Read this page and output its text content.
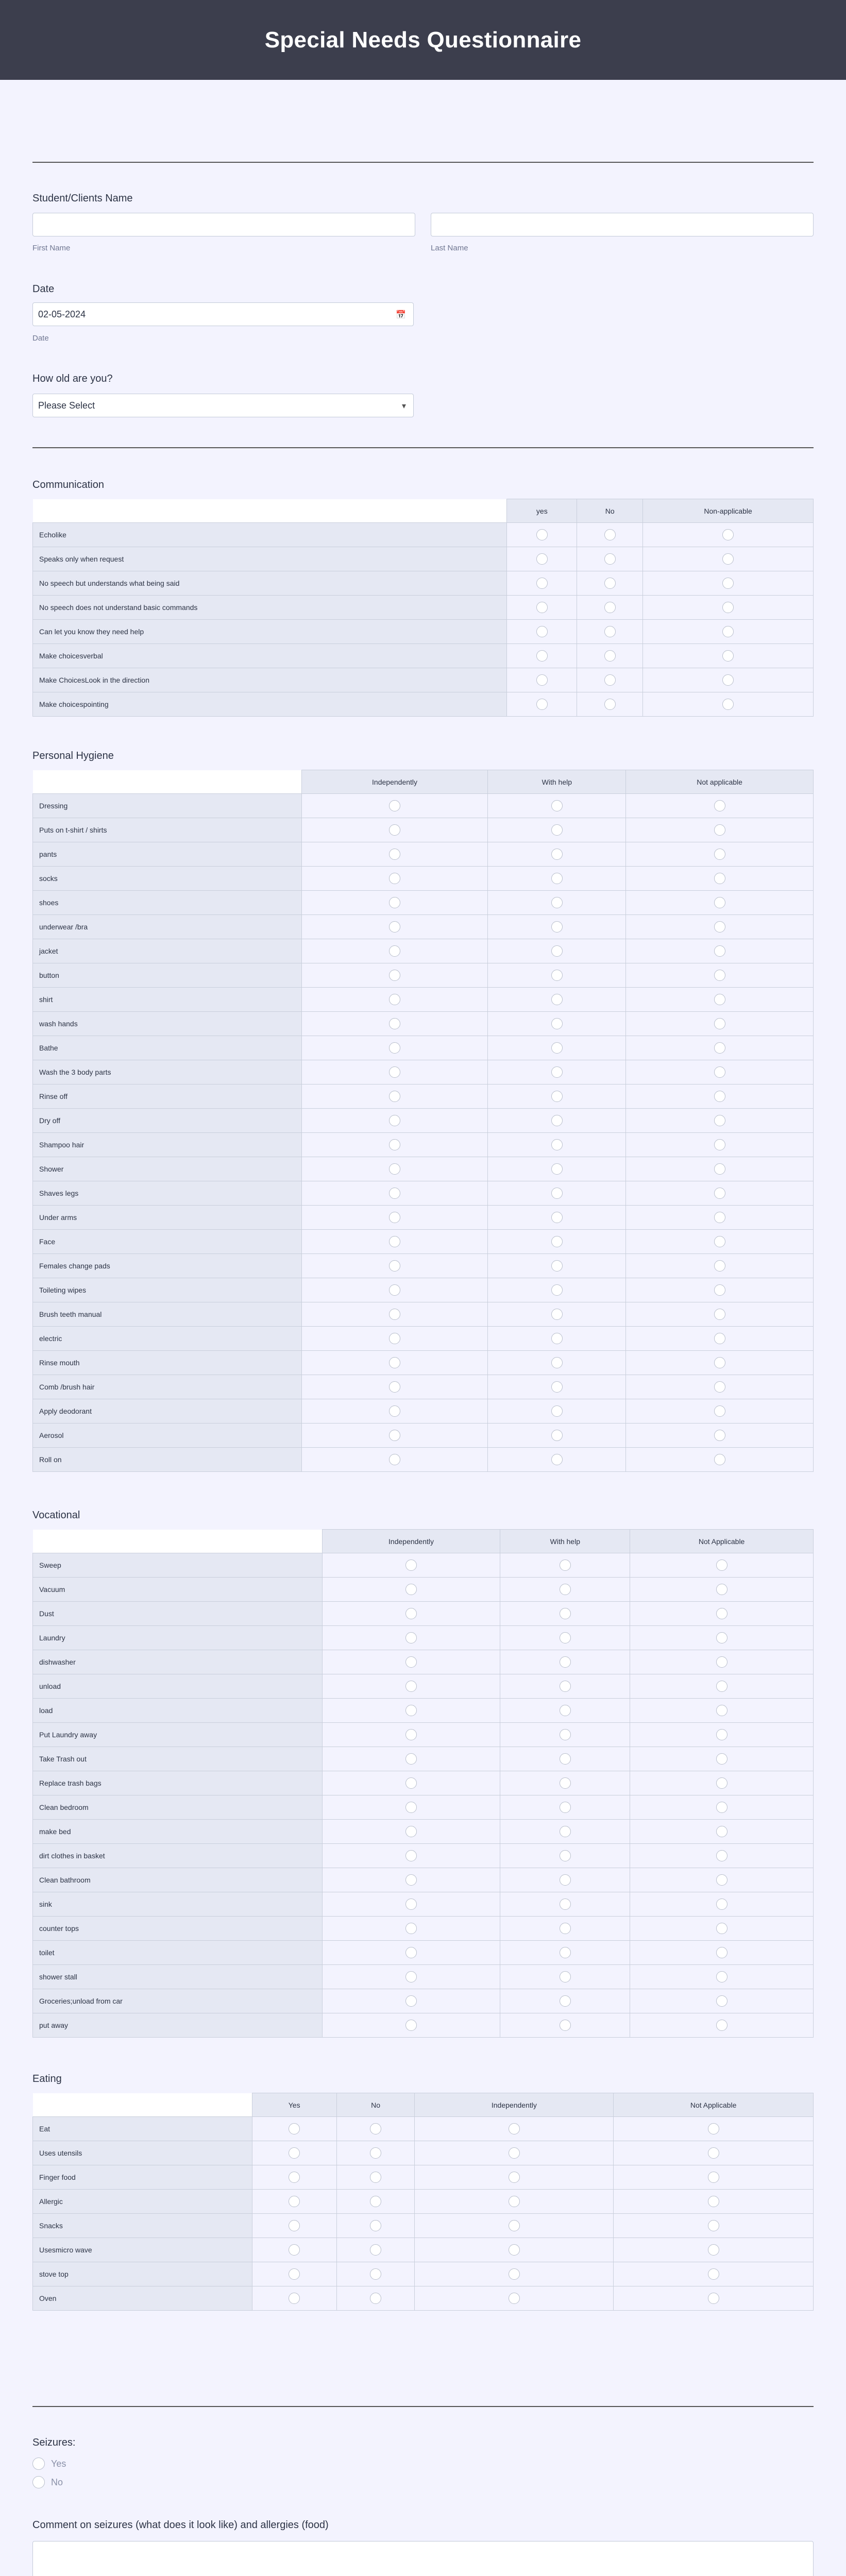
Special Needs Questionnaire
Student/Clients Name
First Name	Last Name
Date
02-05-2024	📅
Date
How old are you?
Please Select	▾
Communication
	yes	No	Non-applicable
Echolike			
Speaks only when request			
No speech but understands what being said			
No speech does not understand basic commands			
Can let you know they need help			
Make choicesverbal			
Make ChoicesLook in the direction			
Make choicespointing			
Personal Hygiene
	Independently	With help	Not applicable
Dressing			
Puts on t-shirt / shirts			
pants			
socks			
shoes			
underwear /bra			
jacket			
button			
shirt			
wash hands			
Bathe			
Wash the 3 body parts			
Rinse off			
Dry off			
Shampoo hair			
Shower			
Shaves legs			
Under arms			
Face			
Females change pads			
Toileting wipes			
Brush teeth manual			
electric			
Rinse mouth			
Comb /brush hair			
Apply deodorant			
Aerosol			
Roll on			
Vocational
	Independently	With help	Not Applicable
Sweep			
Vacuum			
Dust			
Laundry			
dishwasher			
unload			
load			
Put Laundry away			
Take Trash out			
Replace trash bags			
Clean bedroom			
make bed			
dirt clothes in basket			
Clean bathroom			
sink			
counter tops			
toilet			
shower stall			
Groceries;unload from car			
put away			
Eating
	Yes	No	Independently	Not Applicable
Eat				
Uses utensils				
Finger food				
Allergic				
Snacks				
Usesmicro wave				
stove top				
Oven				
Seizures:
Yes
No
Comment on seizures (what does it look like) and allergies (food)
